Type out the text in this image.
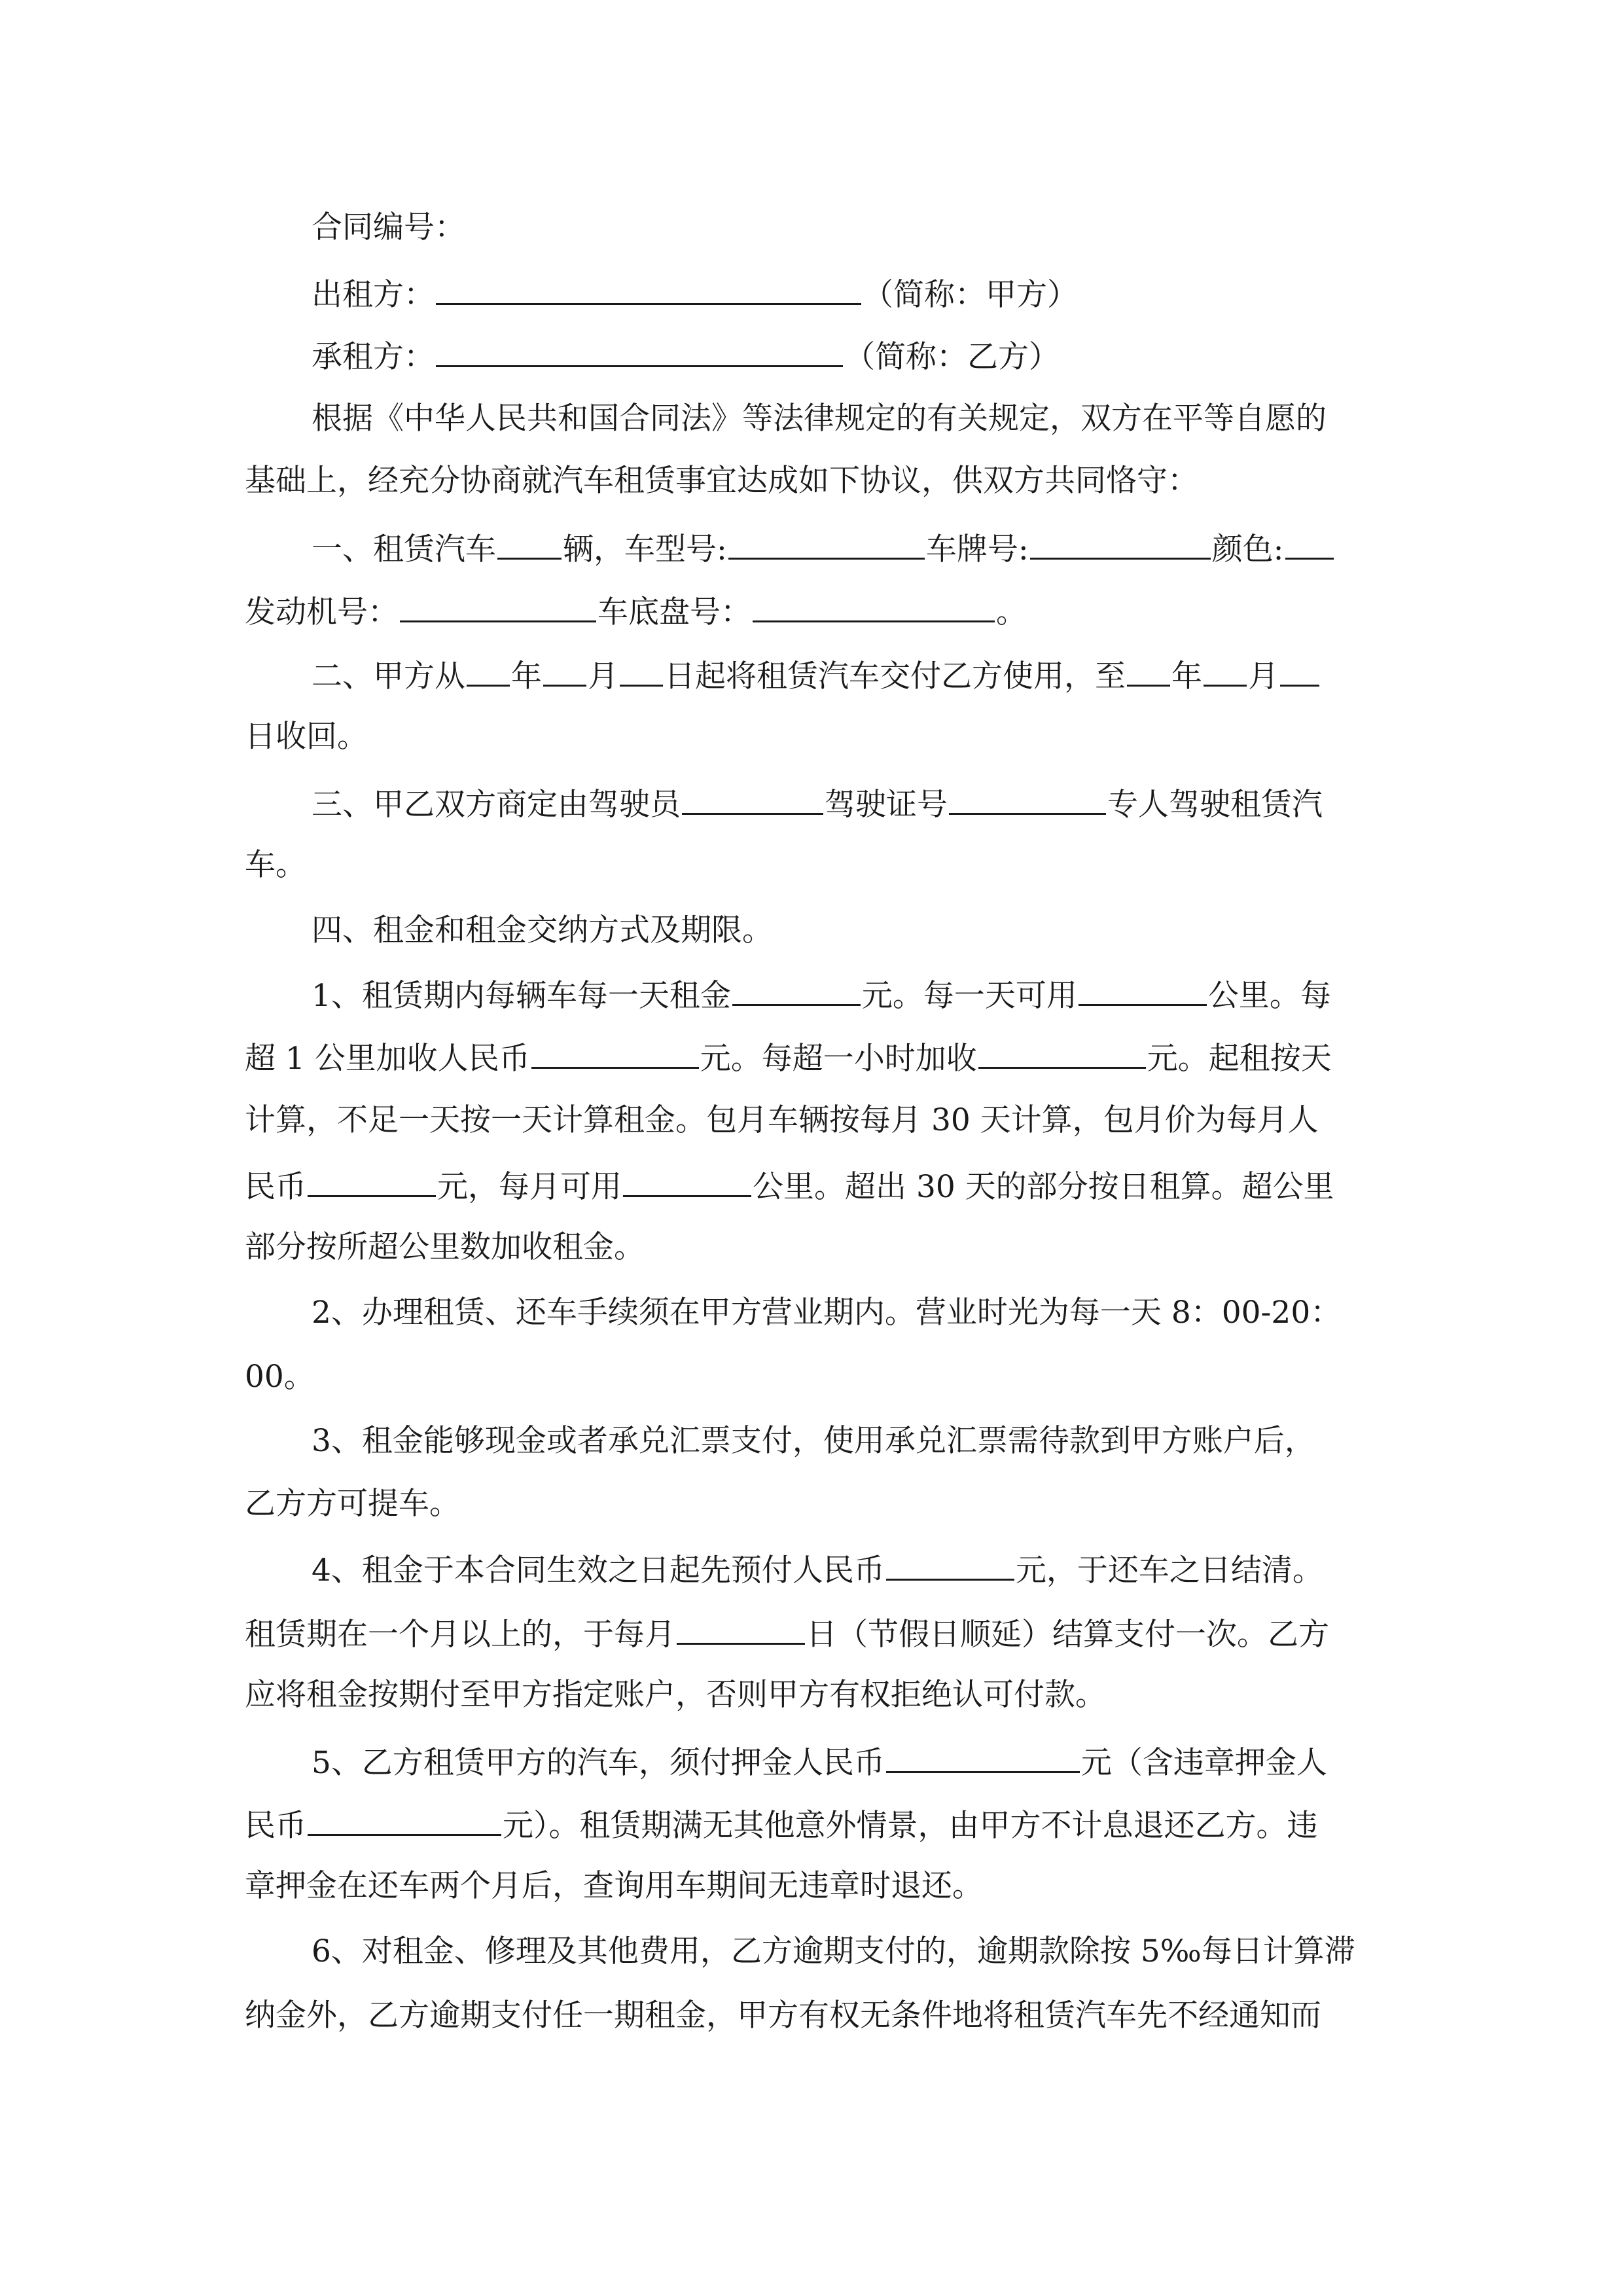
合同编号：
出租方：	（简称：甲方）
承租方：	（简称：乙方）
根据《中华人民共和国合同法》等法律规定的有关规定，双方在平等自愿的
基础上，经充分协商就汽车租赁事宜达成如下协议，供双方共同恪守：
一、租赁汽车 辆，车型号:	车牌号:	颜色:
发动机号：	车底盘号：	。
二、甲方从 年 月 日起将租赁汽车交付乙方使用，至 年 月
日收回。
三、甲乙双方商定由驾驶员	驾驶证号	专人驾驶租赁汽
车。
四、租金和租金交纳方式及期限。
1、租赁期内每辆车每一天租金	元。每一天可用	公里。每
超 1 公里加收人民币	元。每超一小时加收	元。起租按天
计算，不足一天按一天计算租金。包月车辆按每月 30 天计算，包月价为每月人
民币	元，每月可用	公里。超出 30 天的部分按日租算。超公里
部分按所超公里数加收租金。
2、办理租赁、还车手续须在甲方营业期内。营业时光为每一天 8：00-20：
00。
3、租金能够现金或者承兑汇票支付，使用承兑汇票需待款到甲方账户后，
乙方方可提车。
4、租金于本合同生效之日起先预付人民币	元，于还车之日结清。
租赁期在一个月以上的，于每月	日（节假日顺延）结算支付一次。乙方
应将租金按期付至甲方指定账户，否则甲方有权拒绝认可付款。
5、乙方租赁甲方的汽车，须付押金人民币	元（含违章押金人
民币	元）。租赁期满无其他意外情景，由甲方不计息退还乙方。违
章押金在还车两个月后，查询用车期间无违章时退还。
6、对租金、修理及其他费用，乙方逾期支付的，逾期款除按 5‰每日计算滞
纳金外，乙方逾期支付任一期租金，甲方有权无条件地将租赁汽车先不经通知而
